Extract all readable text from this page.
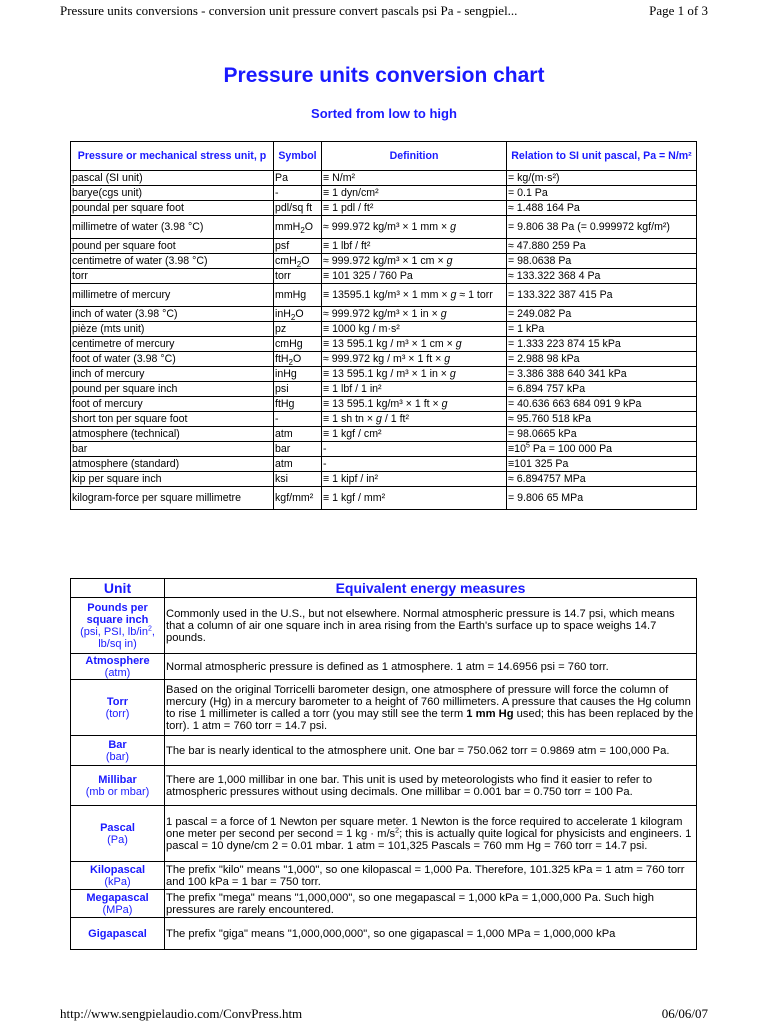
Pressure units conversions - conversion unit pressure convert pascals psi Pa - sengpiel...	Page 1 of 3
Pressure units conversion chart
Sorted from low to high
Pressure or mechanical stress unit, p	Symbol	Definition	Relation to SI unit pascal, Pa = N/m²
pascal (SI unit)	Pa	≡ N/m²	= kg/(m·s²)
barye(cgs unit)	-	≡ 1 dyn/cm²	= 0.1 Pa
poundal per square foot	pdl/sq ft	≡ 1 pdl / ft²	≈ 1.488 164 Pa
millimetre of water (3.98 °C)	mmH$_2$O	≈ 999.972 kg/m³ × 1 mm × g	= 9.806 38 Pa (= 0.999972 kgf/m²)
pound per square foot	psf	≡ 1 lbf / ft²	≈ 47.880 259 Pa
centimetre of water (3.98 °C)	cmH$_2$O	≈ 999.972 kg/m³ × 1 cm × g	= 98.0638 Pa
torr	torr	≡ 101 325 / 760 Pa	≈ 133.322 368 4 Pa
millimetre of mercury	mmHg	≡ 13595.1 kg/m³ × 1 mm × g ≈ 1 torr	= 133.322 387 415 Pa
inch of water (3.98 °C)	inH$_2$O	≈ 999.972 kg/m³ × 1 in × g	= 249.082 Pa
pièze (mts unit)	pz	≡ 1000 kg / m·s²	= 1 kPa
centimetre of mercury	cmHg	≡ 13 595.1 kg / m³ × 1 cm × g	= 1.333 223 874 15 kPa
foot of water (3.98 °C)	ftH$_2$O	≈ 999.972 kg / m³ × 1 ft × g	= 2.988 98 kPa
inch of mercury	inHg	≡ 13 595.1 kg / m³ × 1 in × g	= 3.386 388 640 341 kPa
pound per square inch	psi	≡ 1 lbf / 1 in²	≈ 6.894 757 kPa
foot of mercury	ftHg	≡ 13 595.1 kg/m³ × 1 ft × g	= 40.636 663 684 091 9 kPa
short ton per square foot	-	≡ 1 sh tn × g / 1 ft²	≈ 95.760 518 kPa
atmosphere (technical)	atm	≡ 1 kgf / cm²	= 98.0665 kPa
bar	bar	-	$\equiv 10^5$ Pa = 100 000 Pa
atmosphere (standard)	atm	-	≡101 325 Pa
kip per square inch	ksi	≡ 1 kipf / in²	≈ 6.894757 MPa
kilogram-force per square millimetre	kgf/mm²	≡ 1 kgf / mm²	= 9.806 65 MPa
Unit	Equivalent energy measures

Pounds per square inch
(psi, PSI, $lb/in^2$, lb/sq in)	Commonly used in the U.S., but not elsewhere. Normal atmospheric pressure is 14.7 psi, which means that a column of air one square inch in area rising from the Earth's surface up to space weighs 14.7 pounds.

Atmosphere
(atm)	Normal atmospheric pressure is defined as 1 atmosphere. 1 atm = 14.6956 psi = 760 torr.

Torr
(torr)	Based on the original Torricelli barometer design, one atmosphere of pressure will force the column of mercury (Hg) in a mercury barometer to a height of 760 millimeters. A pressure that causes the Hg column to rise 1 millimeter is called a torr (you may still see the term 1 mm Hg used; this has been replaced by the torr). 1 atm = 760 torr = 14.7 psi.

Bar
(bar)	The bar is nearly identical to the atmosphere unit. One bar = 750.062 torr = 0.9869 atm = 100,000 Pa.

Millibar
(mb or mbar)	There are 1,000 millibar in one bar. This unit is used by meteorologists who find it easier to refer to atmospheric pressures without using decimals. One millibar = 0.001 bar = 0.750 torr = 100 Pa.

Pascal
(Pa)	1 pascal = a force of 1 Newton per square meter. 1 Newton is the force required to accelerate 1 kilogram one meter per second per second = 1 kg · $m/s^2$; this is actually quite logical for physicists and engineers. 1 pascal = 10 dyne/cm 2 = 0.01 mbar. 1 atm = 101,325 Pascals = 760 mm Hg = 760 torr = 14.7 psi.

Kilopascal
(kPa)	The prefix "kilo" means "1,000", so one kilopascal = 1,000 Pa. Therefore, 101.325 kPa = 1 atm = 760 torr and 100 kPa = 1 bar = 750 torr.

Megapascal
(MPa)	The prefix "mega" means "1,000,000", so one megapascal = 1,000 kPa = 1,000,000 Pa. Such high pressures are rarely encountered.

Gigapascal	The prefix "giga" means "1,000,000,000", so one gigapascal = 1,000 MPa = 1,000,000 kPa
http://www.sengpielaudio.com/ConvPress.htm	06/06/07
